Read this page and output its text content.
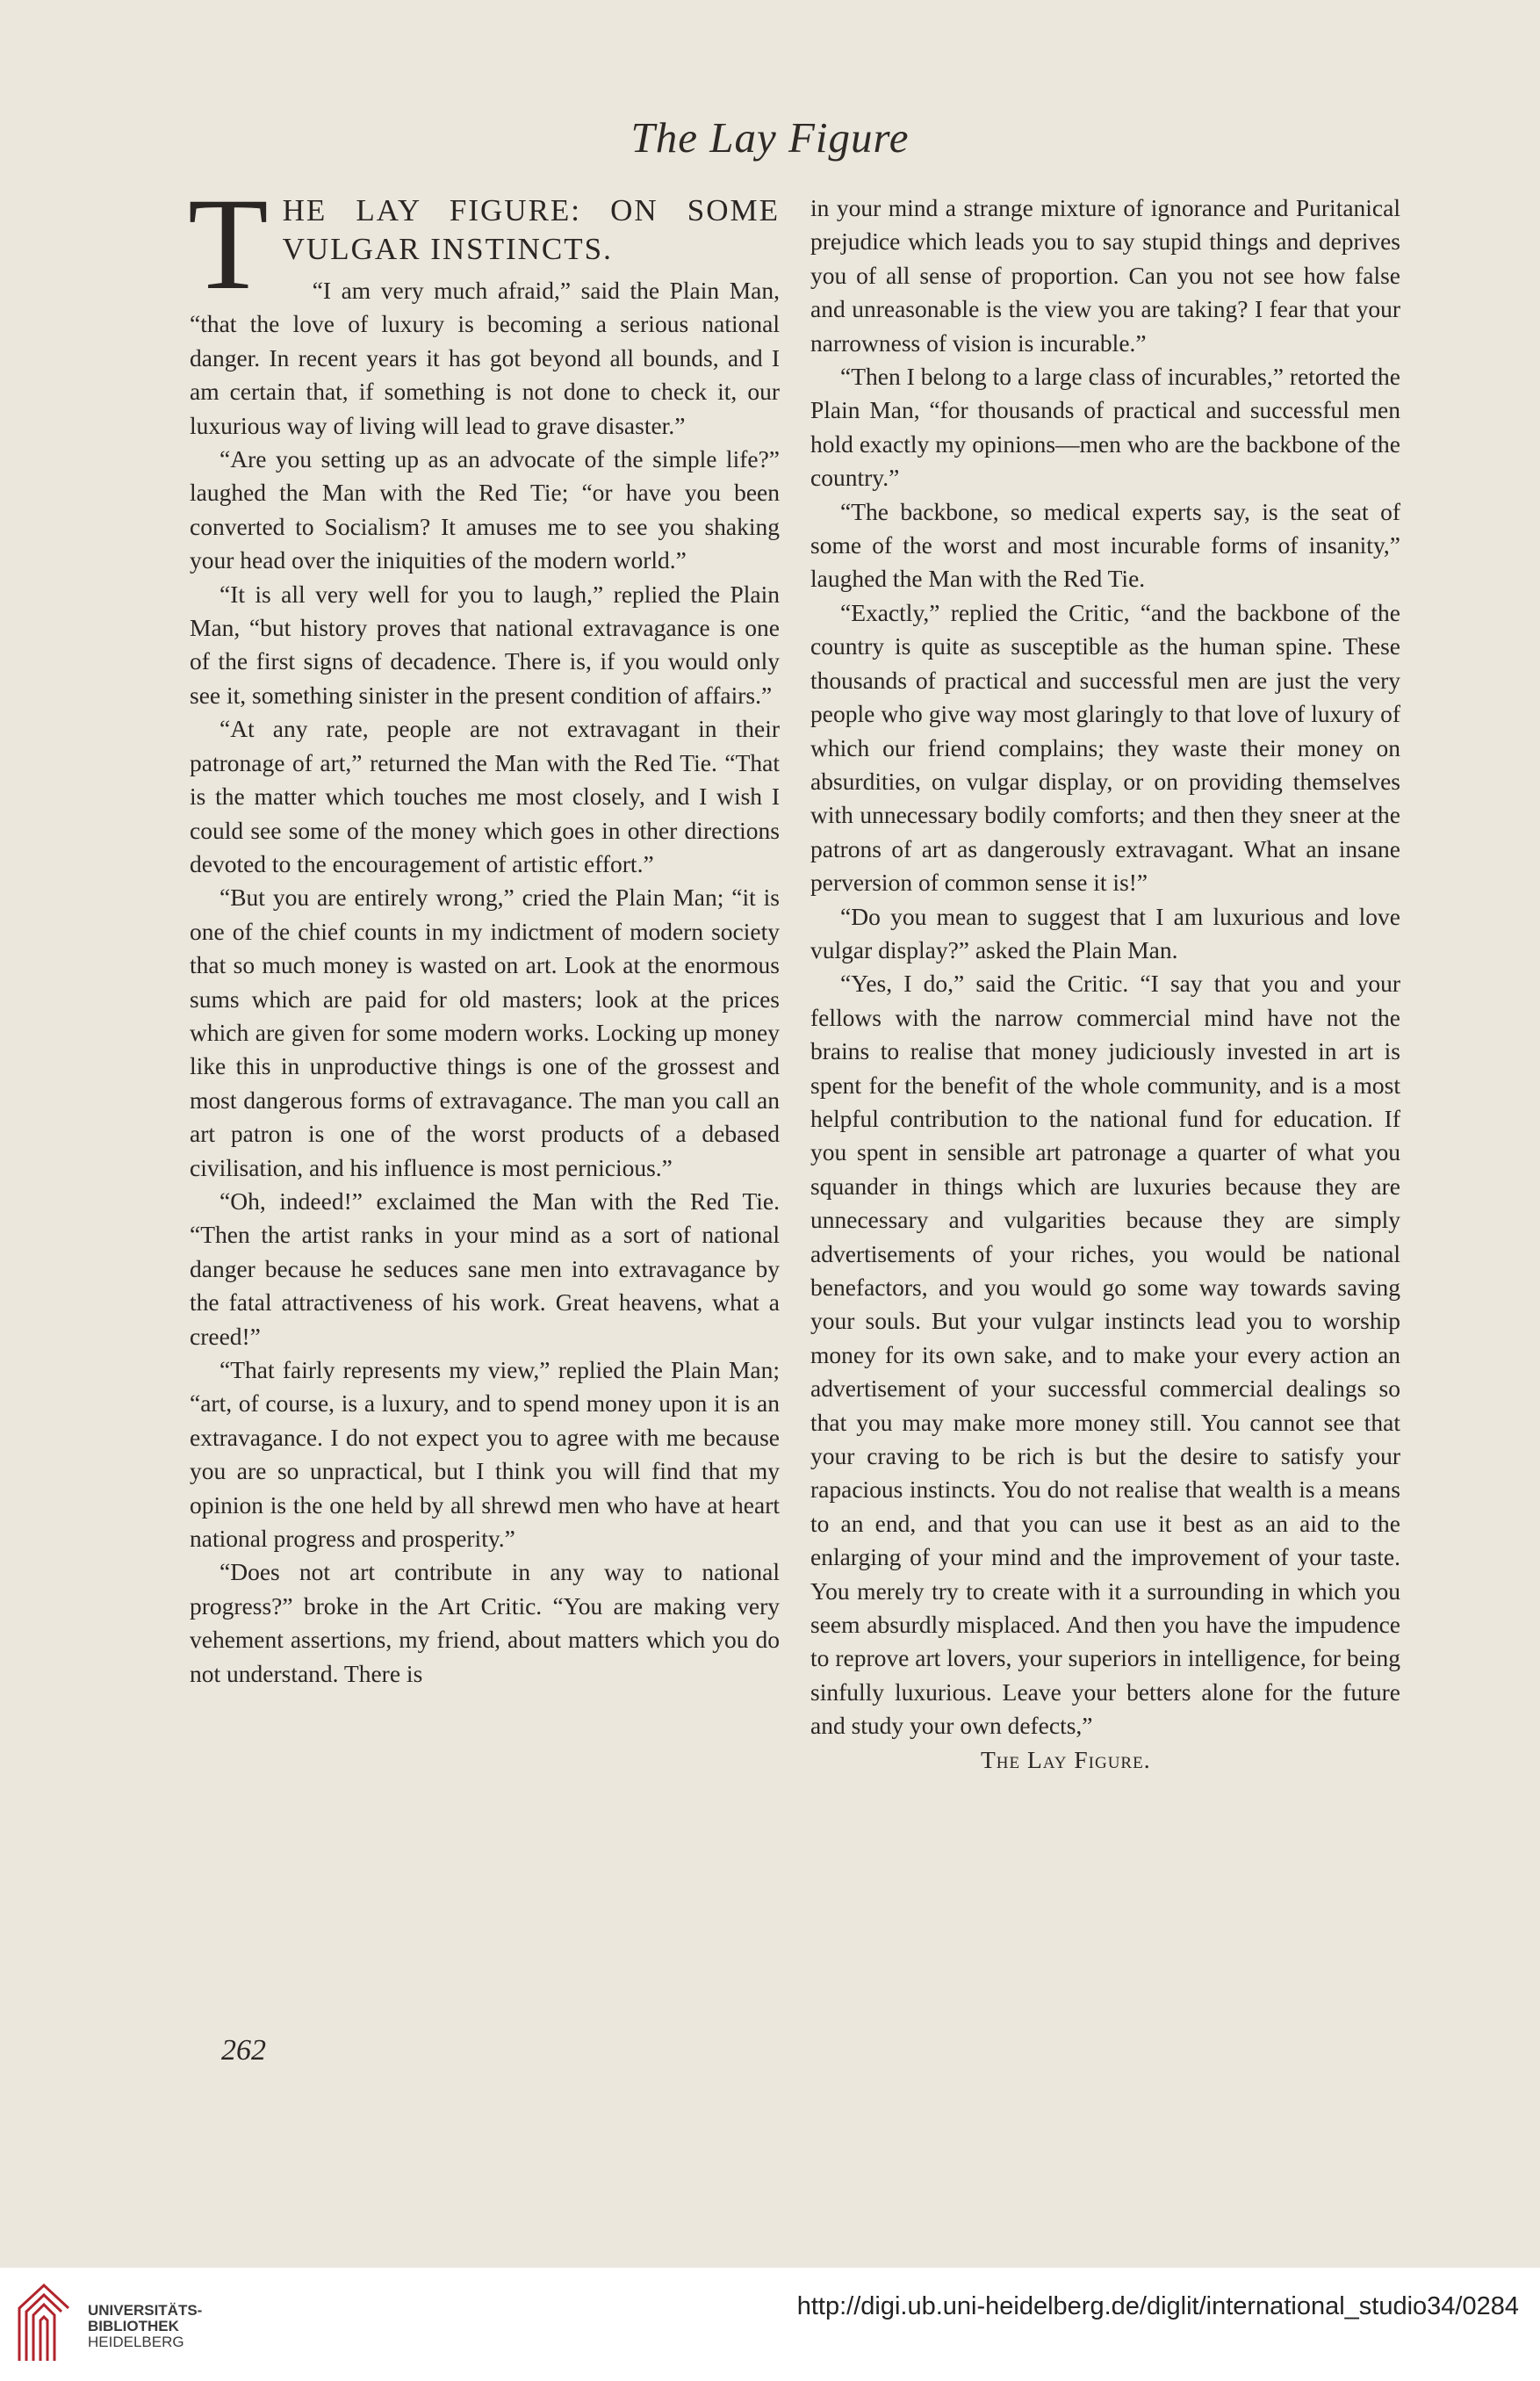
The Lay Figure
T HE LAY FIGURE: ON SOME VULGAR INSTINCTS.

“I am very much afraid,” said the Plain Man, “that the love of luxury is becoming a serious national danger. In recent years it has got beyond all bounds, and I am certain that, if something is not done to check it, our luxurious way of living will lead to grave disaster.”

“Are you setting up as an advocate of the simple life?” laughed the Man with the Red Tie; “or have you been converted to Socialism? It amuses me to see you shaking your head over the iniquities of the modern world.”

“It is all very well for you to laugh,” replied the Plain Man, “but history proves that national extravagance is one of the first signs of decadence. There is, if you would only see it, something sinister in the present condition of affairs.”

“At any rate, people are not extravagant in their patronage of art,” returned the Man with the Red Tie. “That is the matter which touches me most closely, and I wish I could see some of the money which goes in other directions devoted to the encouragement of artistic effort.”

“But you are entirely wrong,” cried the Plain Man; “it is one of the chief counts in my indictment of modern society that so much money is wasted on art. Look at the enormous sums which are paid for old masters; look at the prices which are given for some modern works. Locking up money like this in unproductive things is one of the grossest and most dangerous forms of extravagance. The man you call an art patron is one of the worst products of a debased civilisation, and his influence is most pernicious.”

“Oh, indeed!” exclaimed the Man with the Red Tie. “Then the artist ranks in your mind as a sort of national danger because he seduces sane men into extravagance by the fatal attractiveness of his work. Great heavens, what a creed!”

“That fairly represents my view,” replied the Plain Man; “art, of course, is a luxury, and to spend money upon it is an extravagance. I do not expect you to agree with me because you are so unpractical, but I think you will find that my opinion is the one held by all shrewd men who have at heart national progress and prosperity.”

“Does not art contribute in any way to national progress?” broke in the Art Critic. “You are making very vehement assertions, my friend, about matters which you do not understand. There is

in your mind a strange mixture of ignorance and Puritanical prejudice which leads you to say stupid things and deprives you of all sense of proportion. Can you not see how false and unreasonable is the view you are taking? I fear that your narrowness of vision is incurable.”

“Then I belong to a large class of incurables,” retorted the Plain Man, “for thousands of practical and successful men hold exactly my opinions—men who are the backbone of the country.”

“The backbone, so medical experts say, is the seat of some of the worst and most incurable forms of insanity,” laughed the Man with the Red Tie.

“Exactly,” replied the Critic, “and the backbone of the country is quite as susceptible as the human spine. These thousands of practical and successful men are just the very people who give way most glaringly to that love of luxury of which our friend complains; they waste their money on absurdities, on vulgar display, or on providing themselves with unnecessary bodily comforts; and then they sneer at the patrons of art as dangerously extravagant. What an insane perversion of common sense it is!”

“Do you mean to suggest that I am luxurious and love vulgar display?” asked the Plain Man.

“Yes, I do,” said the Critic. “I say that you and your fellows with the narrow commercial mind have not the brains to realise that money judiciously invested in art is spent for the benefit of the whole community, and is a most helpful contribution to the national fund for education. If you spent in sensible art patronage a quarter of what you squander in things which are luxuries because they are unnecessary and vulgarities because they are simply advertisements of your riches, you would be national benefactors, and you would go some way towards saving your souls. But your vulgar instincts lead you to worship money for its own sake, and to make your every action an advertisement of your successful commercial dealings so that you may make more money still. You cannot see that your craving to be rich is but the desire to satisfy your rapacious instincts. You do not realise that wealth is a means to an end, and that you can use it best as an aid to the enlarging of your mind and the improvement of your taste. You merely try to create with it a surrounding in which you seem absurdly misplaced. And then you have the impudence to reprove art lovers, your superiors in intelligence, for being sinfully luxurious. Leave your betters alone for the future and study your own defects,”

The Lay Figure.

262
UNIVERSITÄTS-
BIBLIOTHEK
HEIDELBERG
http://digi.ub.uni-heidelberg.de/diglit/international_studio34/0284
